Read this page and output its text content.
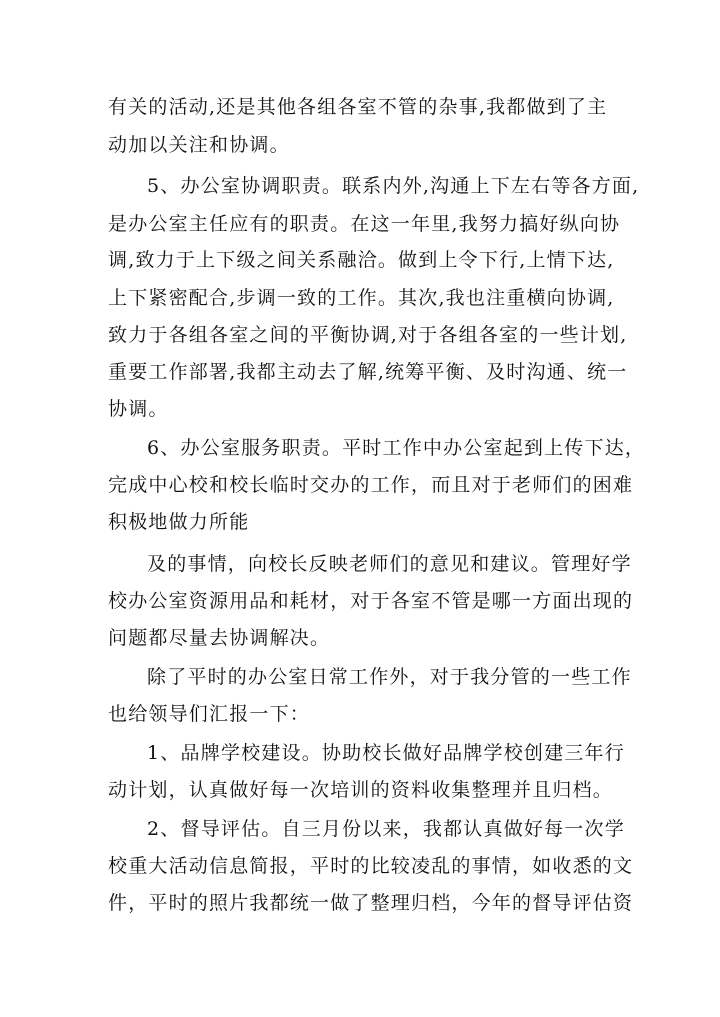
有关的活动,还是其他各组各室不管的杂事,我都做到了主
动加以关注和协调。
5、办公室协调职责。联系内外,沟通上下左右等各方面,
是办公室主任应有的职责。在这一年里,我努力搞好纵向协
调,致力于上下级之间关系融洽。做到上令下行,上情下达,
上下紧密配合,步调一致的工作。其次,我也注重横向协调,
致力于各组各室之间的平衡协调,对于各组各室的一些计划,
重要工作部署,我都主动去了解,统筹平衡、及时沟通、统一
协调。
6、办公室服务职责。平时工作中办公室起到上传下达，
完成中心校和校长临时交办的工作，而且对于老师们的困难
积极地做力所能
及的事情，向校长反映老师们的意见和建议。管理好学
校办公室资源用品和耗材，对于各室不管是哪一方面出现的
问题都尽量去协调解决。
除了平时的办公室日常工作外，对于我分管的一些工作
也给领导们汇报一下：
1、品牌学校建设。协助校长做好品牌学校创建三年行
动计划，认真做好每一次培训的资料收集整理并且归档。
2、督导评估。自三月份以来，我都认真做好每一次学
校重大活动信息简报，平时的比较凌乱的事情，如收悉的文
件，平时的照片我都统一做了整理归档，今年的督导评估资
